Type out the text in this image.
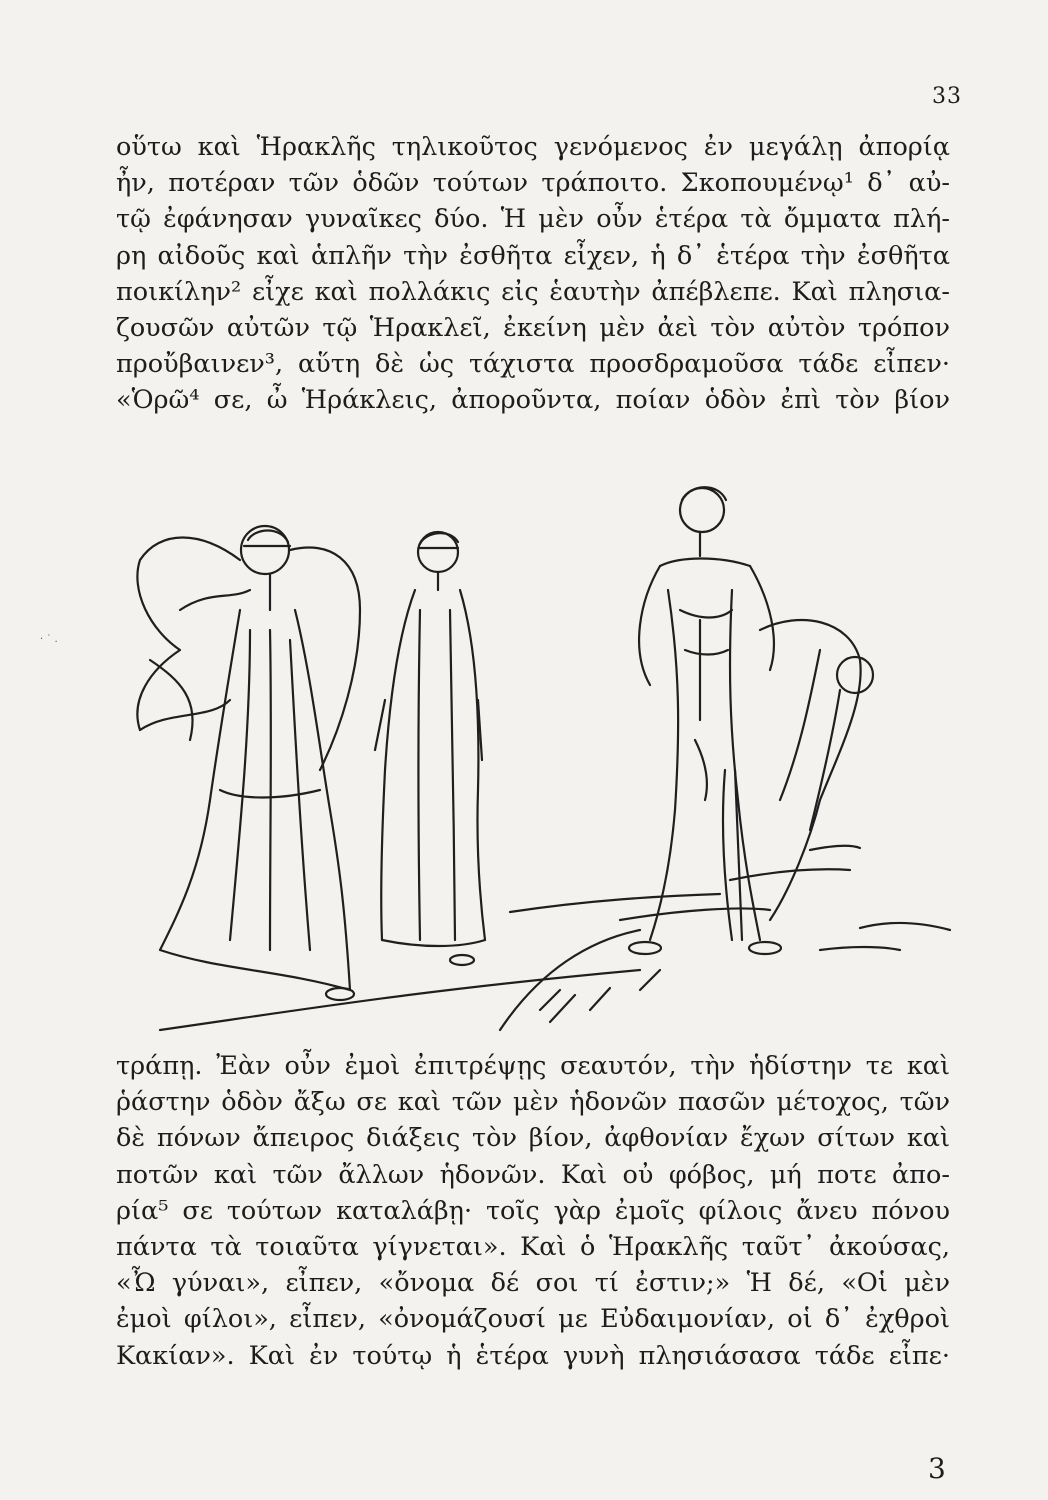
33
οὕτω καὶ Ἡρακλῆς τηλικοῦτος γενόμενος ἐν μεγάλῃ ἀπορίᾳ
ἦν, ποτέραν τῶν ὁδῶν τούτων τράποιτο. Σκοπουμένῳ¹ δ᾽ αὐ-
τῷ ἐφάνησαν γυναῖκες δύο. Ἡ μὲν οὖν ἑτέρα τὰ ὄμματα πλή-
ρη αἰδοῦς καὶ ἁπλῆν τὴν ἐσθῆτα εἶχεν, ἡ δ᾽ ἑτέρα τὴν ἐσθῆτα
ποικίλην² εἶχε καὶ πολλάκις εἰς ἑαυτὴν ἀπέβλεπε. Καὶ πλησια-
ζουσῶν αὐτῶν τῷ Ἡρακλεῖ, ἐκείνη μὲν ἀεὶ τὸν αὐτὸν τρόπον
προὔβαινεν³, αὕτη δὲ ὡς τάχιστα προσδραμοῦσα τάδε εἶπεν·
«Ὁρῶ⁴ σε, ὦ Ἡράκλεις, ἀποροῦντα, ποίαν ὁδὸν ἐπὶ τὸν βίον
· ˙ .
τράπῃ. Ἐὰν οὖν ἐμοὶ ἐπιτρέψῃς σεαυτόν, τὴν ἡδίστην τε καὶ
ῥάστην ὁδὸν ἄξω σε καὶ τῶν μὲν ἡδονῶν πασῶν μέτοχος, τῶν
δὲ πόνων ἄπειρος διάξεις τὸν βίον, ἀφθονίαν ἔχων σίτων καὶ
ποτῶν καὶ τῶν ἄλλων ἡδονῶν. Καὶ οὐ φόβος, μή ποτε ἀπο-
ρία⁵ σε τούτων καταλάβῃ· τοῖς γὰρ ἐμοῖς φίλοις ἄνευ πόνου
πάντα τὰ τοιαῦτα γίγνεται». Καὶ ὁ Ἡρακλῆς ταῦτ᾽ ἀκούσας,
«Ὦ γύναι», εἶπεν, «ὄνομα δέ σοι τί ἐστιν;» Ἡ δέ, «Οἱ μὲν
ἐμοὶ φίλοι», εἶπεν, «ὀνομάζουσί με Εὐδαιμονίαν, οἱ δ᾽ ἐχθροὶ
Κακίαν». Καὶ ἐν τούτῳ ἡ ἑτέρα γυνὴ πλησιάσασα τάδε εἶπε·
3
